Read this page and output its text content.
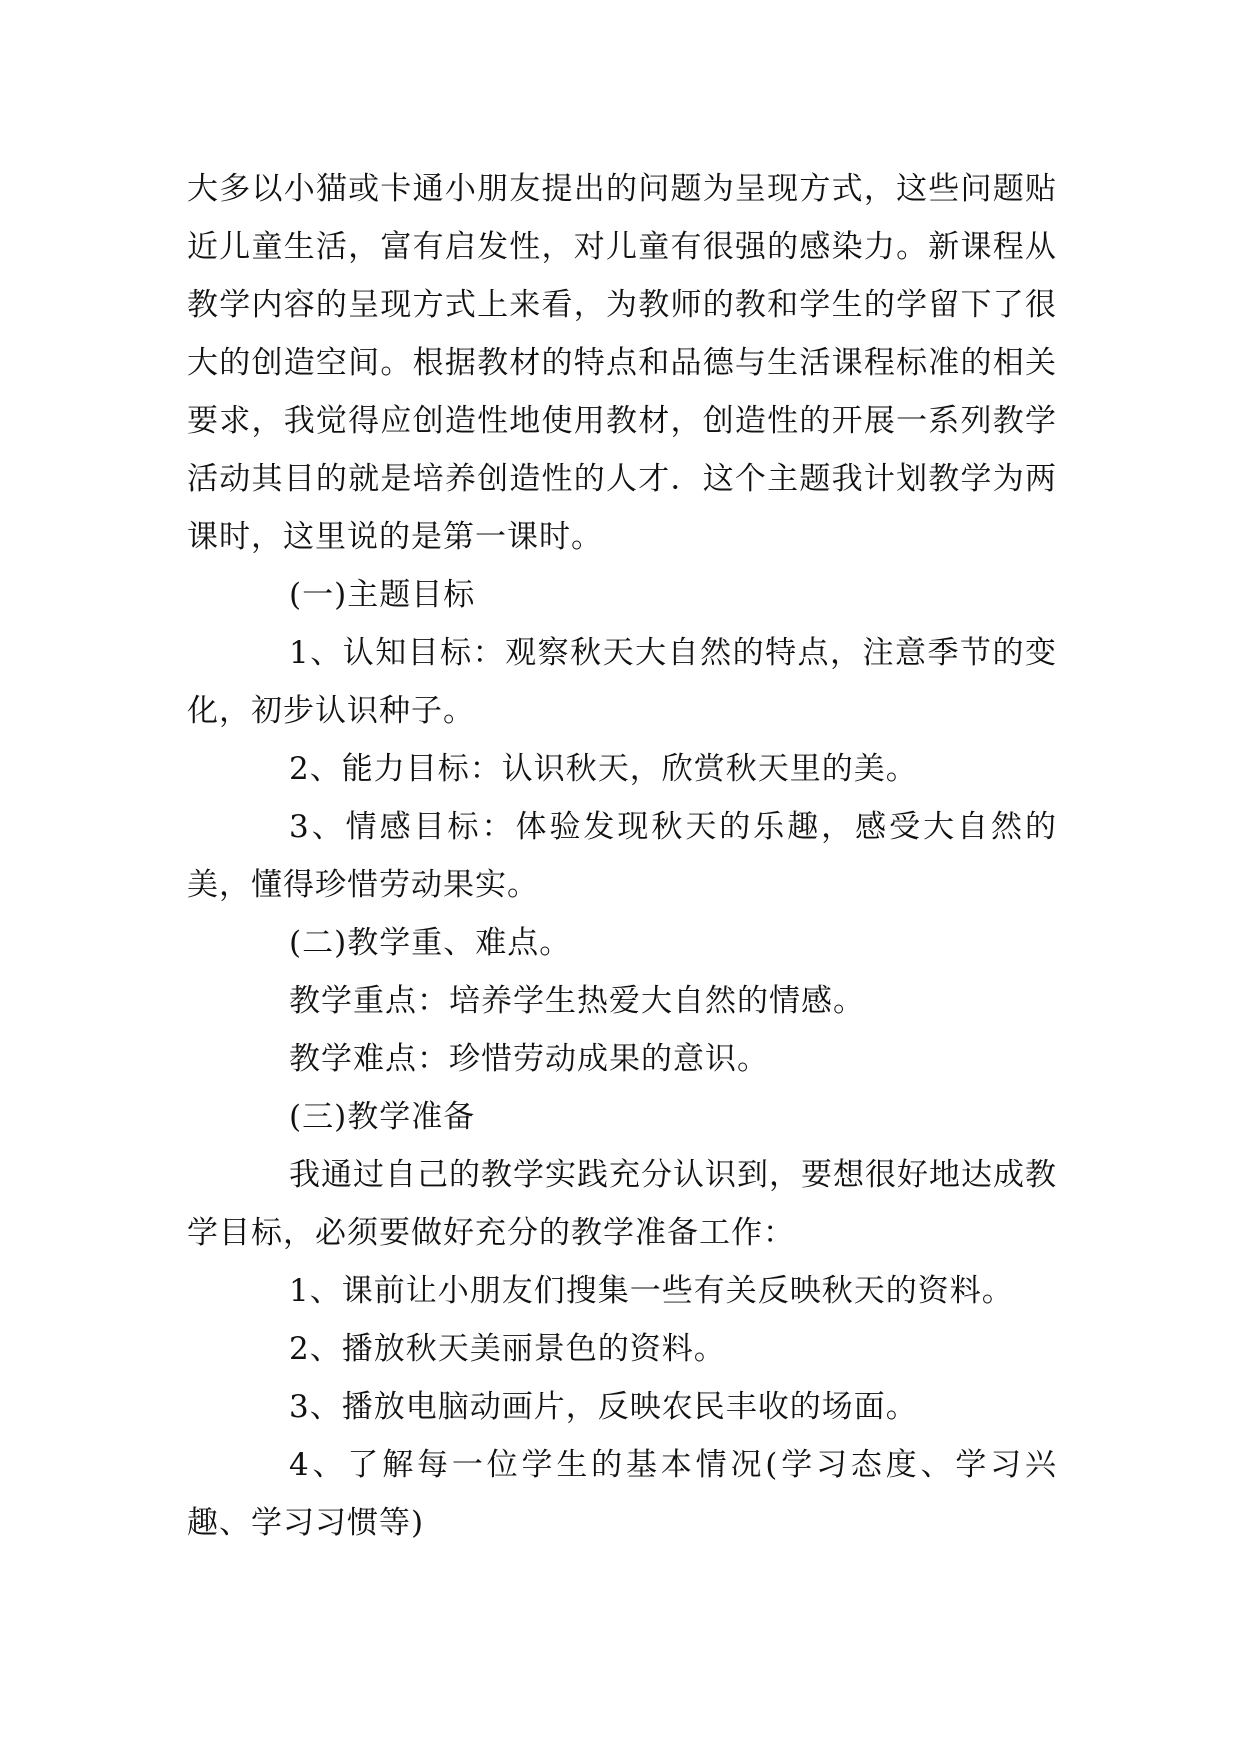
大多以小猫或卡通小朋友提出的问题为呈现方式，这些问题贴近儿童生活，富有启发性，对儿童有很强的感染力。新课程从教学内容的呈现方式上来看，为教师的教和学生的学留下了很大的创造空间。根据教材的特点和品德与生活课程标准的相关要求，我觉得应创造性地使用教材，创造性的开展一系列教学活动其目的就是培养创造性的人才．这个主题我计划教学为两课时，这里说的是第一课时。

(一)主题目标

1、认知目标：观察秋天大自然的特点，注意季节的变化，初步认识种子。

2、能力目标：认识秋天，欣赏秋天里的美。

3、情感目标：体验发现秋天的乐趣，感受大自然的美，懂得珍惜劳动果实。

(二)教学重、难点。

教学重点：培养学生热爱大自然的情感。

教学难点：珍惜劳动成果的意识。

(三)教学准备

我通过自己的教学实践充分认识到，要想很好地达成教学目标，必须要做好充分的教学准备工作：

1、课前让小朋友们搜集一些有关反映秋天的资料。

2、播放秋天美丽景色的资料。

3、播放电脑动画片，反映农民丰收的场面。

4、了解每一位学生的基本情况(学习态度、学习兴趣、学习习惯等)
